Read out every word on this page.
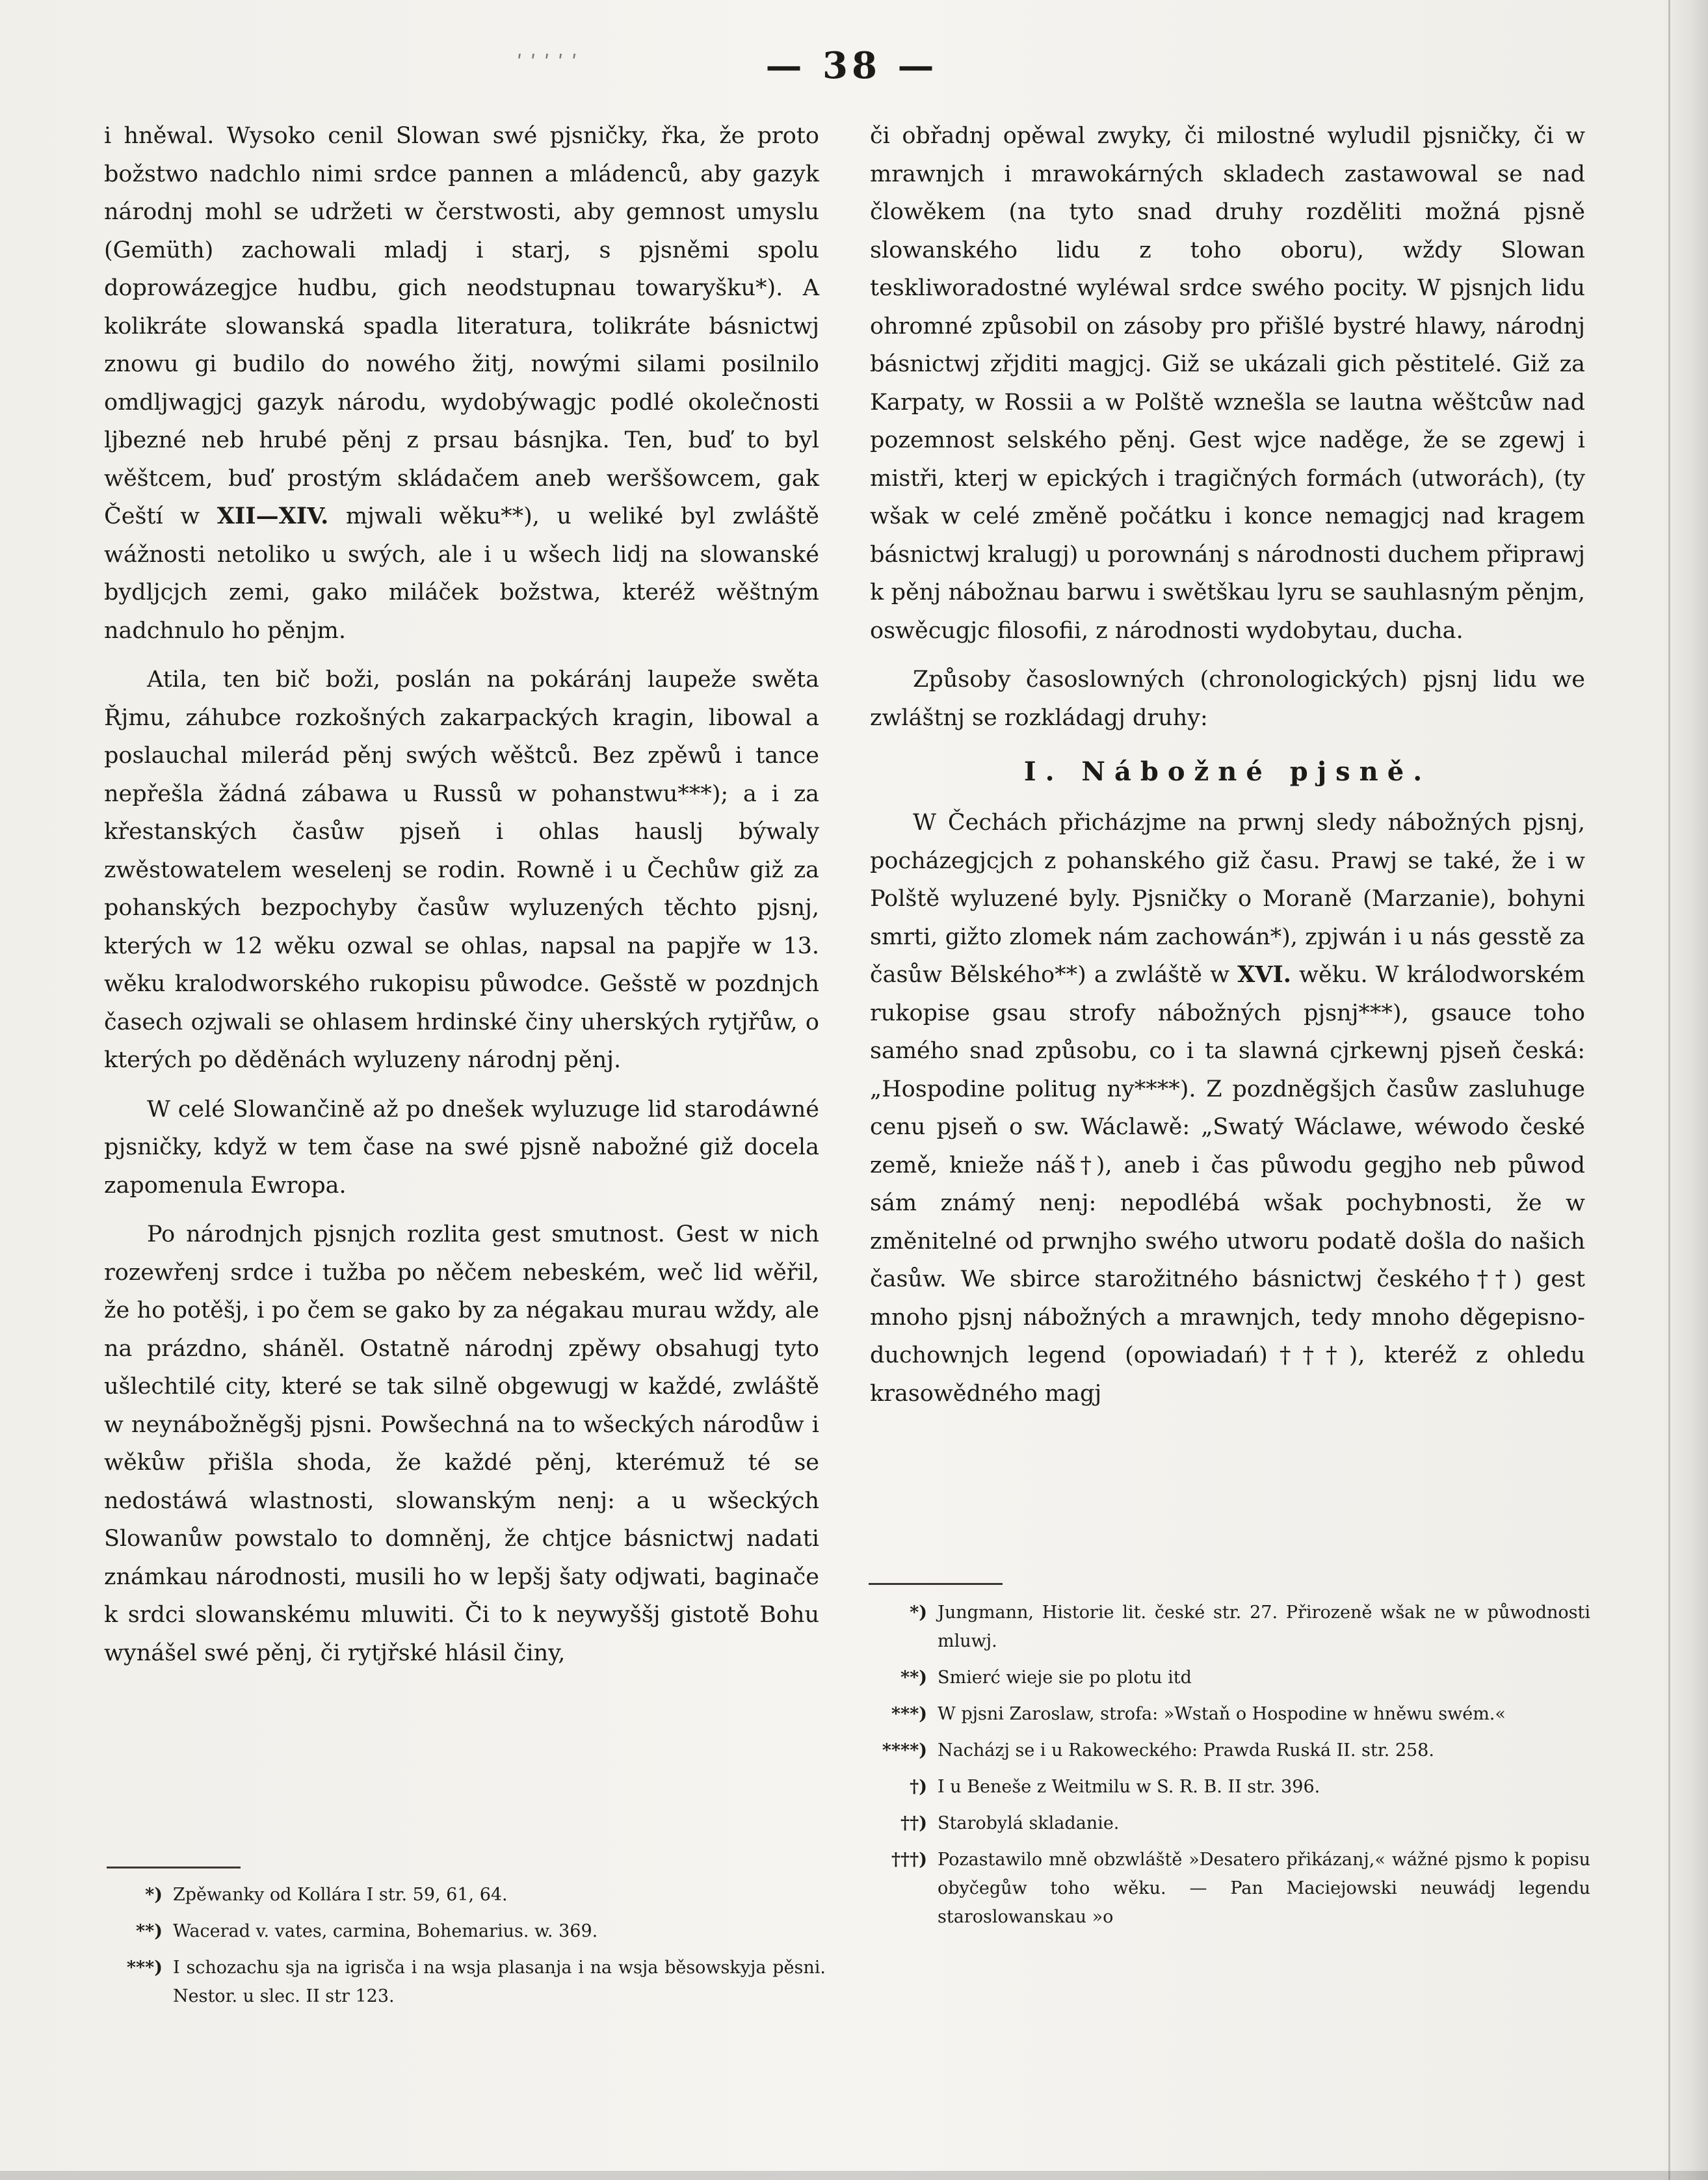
ʹʹʹʹʹ	— 38 —

i hněwal. Wysoko cenil Slowan swé pjsničky, řka, že proto božstwo nadchlo nimi srdce pannen a mládenců, aby gazyk národnj mohl se udržeti w čerstwosti, aby gemnost umyslu (Gemüth) zachowali mladj i starj, s pjsněmi spolu doprowázegjce hudbu, gich neodstupnau towaryšku*). A kolikráte slowanská spadla literatura, tolikráte básnictwj znowu gi budilo do nowého žitj, nowými silami posilnilo omdljwagjcj gazyk národu, wydobýwagjc podlé okolečnosti ljbezné neb hrubé pěnj z prsau básnjka. Ten, buď to byl wěštcem, buď prostým skládačem aneb werššowcem, gak Čeští w XII—XIV. mjwali wěku**), u weliké byl zwláště wážnosti netoliko u swých, ale i u wšech lidj na slowanské bydljcjch zemi, gako miláček božstwa, kteréž wěštným nadchnulo ho pěnjm.

Atila, ten bič boži, poslán na pokáránj laupeže swěta Řjmu, záhubce rozkošných zakarpackých kragin, libowal a poslauchal milerád pěnj swých wěštců. Bez zpěwů i tance nepřešla žádná zábawa u Russů w pohanstwu***); a i za křestanských časůw pjseň i ohlas hauslj býwaly zwěstowatelem weselenj se rodin. Rowně i u Čechůw giž za pohanských bezpochyby časůw wyluzených těchto pjsnj, kterých w 12 wěku ozwal se ohlas, napsal na papjře w 13. wěku kralodworského rukopisu půwodce. Gešstě w pozdnjch časech ozjwali se ohlasem hrdinské činy uherských rytjřůw, o kterých po děděnách wyluzeny národnj pěnj.

W celé Slowančině až po dnešek wyluzuge lid starodáwné pjsničky, když w tem čase na swé pjsně nabožné giž docela zapomenula Ewropa.

Po národnjch pjsnjch rozlita gest smutnost. Gest w nich rozewřenj srdce i tužba po něčem nebeském, weč lid wěřil, že ho potěšj, i po čem se gako by za négakau murau wždy, ale na prázdno, sháněl. Ostatně národnj zpěwy obsahugj tyto ušlechtilé city, které se tak silně obgewugj w každé, zwláště w neynábožněgšj pjsni. Powšechná na to wšeckých národůw i wěkůw přišla shoda, že každé pěnj, kterémuž té se nedostáwá wlastnosti, slowanským nenj: a u wšeckých Slowanůw powstalo to domněnj, že chtjce básnictwj nadati známkau národnosti, musili ho w lepšj šaty odjwati, baginače k srdci slowanskému mluwiti. Či to k neywyššj gistotě Bohu wynášel swé pěnj, či rytjřské hlásil činy,

*) Zpěwanky od Kollára I str. 59, 61, 64.
**) Wacerad v. vates, carmina, Bohemarius. w. 369.
***) I schozachu sja na igrisča i na wsja plasanja i na wsja běsowskyja pěsni. Nestor. u slec. II str 123.

či obřadnj opěwal zwyky, či milostné wyludil pjsničky, či w mrawnjch i mrawokárných skladech zastawowal se nad člowěkem (na tyto snad druhy rozděliti možná pjsně slowanského lidu z toho oboru), wždy Slowan teskliworadostné wyléwal srdce swého pocity. W pjsnjch lidu ohromné způsobil on zásoby pro přišlé bystré hlawy, národnj básnictwj zřjditi magjcj. Giž se ukázali gich pěstitelé. Giž za Karpaty, w Rossii a w Polště wznešla se lautna wěštcůw nad pozemnost selského pěnj. Gest wjce naděge, že se zgewj i mistři, kterj w epických i tragičných formách (utworách), (ty wšak w celé změně počátku i konce nemagjcj nad kragem básnictwj kralugj) u porownánj s národnosti duchem připrawj k pěnj nábožnau barwu i swětškau lyru se sauhlasným pěnjm, oswěcugjc filosofii, z národnosti wydobytau, ducha.

Způsoby časoslowných (chronologických) pjsnj lidu we zwláštnj se rozkládagj druhy:

I. Nábožné pjsně.

W Čechách přicházjme na prwnj sledy nábožných pjsnj, pocházegjcjch z pohanského giž času. Prawj se také, že i w Polště wyluzené byly. Pjsničky o Moraně (Marzanie), bohyni smrti, gižto zlomek nám zachowán*), zpjwán i u nás gesstě za časůw Bělského**) a zwláště w XVI. wěku. W králodworském rukopise gsau strofy nábožných pjsnj***), gsauce toho samého snad způsobu, co i ta slawná cjrkewnj pjseň česká: „Hospodine politug ny****). Z pozdněgšjch časůw zasluhuge cenu pjseň o sw. Wáclawě: „Swatý Wáclawe, wéwodo české země, knieže náš†), aneb i čas půwodu gegjho neb půwod sám známý nenj: nepodlébá wšak pochybnosti, že w změnitelné od prwnjho swého utworu podatě došla do našich časůw. We sbirce starožitného básnictwj českého††) gest mnoho pjsnj nábožných a mrawnjch, tedy mnoho děgepisno-duchownjch legend (opowiadań)†††), kteréž z ohledu krasowědného magj

*) Jungmann, Historie lit. české str. 27. Přirozeně wšak ne w půwodnosti mluwj.
**) Smierć wieje sie po plotu itd
***) W pjsni Zaroslaw, strofa: »Wstaň o Hospodine w hněwu swém.«
****) Nacházj se i u Rakoweckého: Prawda Ruská II. str. 258.
†) I u Beneše z Weitmilu w S. R. B. II str. 396.
††) Starobylá skladanie.
†††) Pozastawilo mně obzwláště »Desatero přikázanj,« wážné pjsmo k popisu obyčegůw toho wěku. — Pan Maciejowski neuwádj legendu staroslowanskau »o
